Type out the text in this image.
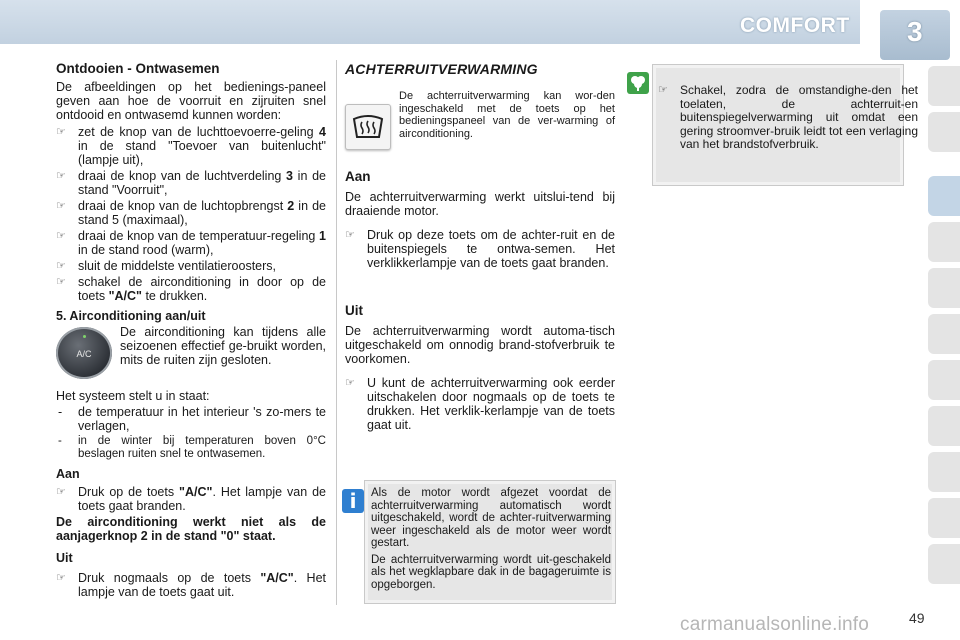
COMFORT 3
Ontdooien - Ontwasemen

De afbeeldingen op het bedienings-paneel geven aan hoe de voorruit en zijruiten snel ontdooid en ontwasemd kunnen worden:

☞ zet de knop van de luchttoevoerre-geling 4 in de stand "Toevoer van buitenlucht" (lampje uit),

☞ draai de knop van de luchtverdeling 3 in de stand "Voorruit",

☞ draai de knop van de luchtopbrengst 2 in de stand 5 (maximaal),

☞ draai de knop van de temperatuur-regeling 1 in de stand rood (warm),

☞ sluit de middelste ventilatieroosters,

☞ schakel de airconditioning in door op de toets "A/C" te drukken.

5. Airconditioning aan/uit

A/C

De airconditioning kan tijdens alle seizoenen effectief ge-bruikt worden, mits de ruiten zijn gesloten.

Het systeem stelt u in staat:

- de temperatuur in het interieur 's zo-mers te verlagen,

- in de winter bij temperaturen boven 0°C beslagen ruiten snel te ontwasemen.

Aan

☞ Druk op de toets "A/C". Het lampje van de toets gaat branden.

De airconditioning werkt niet als de aanjagerknop 2 in de stand "0" staat.

Uit

☞ Druk nogmaals op de toets "A/C". Het lampje van de toets gaat uit.

ACHTERRUITVERWARMING

De achterruitverwarming kan wor-den ingeschakeld met de toets op het bedieningspaneel van de ver-warming of airconditioning.

Aan

De achterruitverwarming werkt uitslui-tend bij draaiende motor.

☞ Druk op deze toets om de achter-ruit en de buitenspiegels te ontwa-semen. Het verklikkerlampje van de toets gaat branden.

Uit

De achterruitverwarming wordt automa-tisch uitgeschakeld om onnodig brand-stofverbruik te voorkomen.

☞ U kunt de achterruitverwarming ook eerder uitschakelen door nogmaals op de toets te drukken. Het verklik-kerlampje van de toets gaat uit.

i	Als de motor wordt afgezet voordat de achterruitverwarming automatisch wordt uitgeschakeld, wordt de achter-ruitverwarming weer ingeschakeld als de motor weer wordt gestart.

De achterruitverwarming wordt uit-geschakeld als het wegklapbare dak in de bagageruimte is opgeborgen.

☞ Schakel, zodra de omstandighe-den het toelaten, de achterruit-en buitenspiegelverwarming uit omdat een gering stroomver-bruik leidt tot een verlaging van het brandstofverbruik.

carmanualsonline.info	49
